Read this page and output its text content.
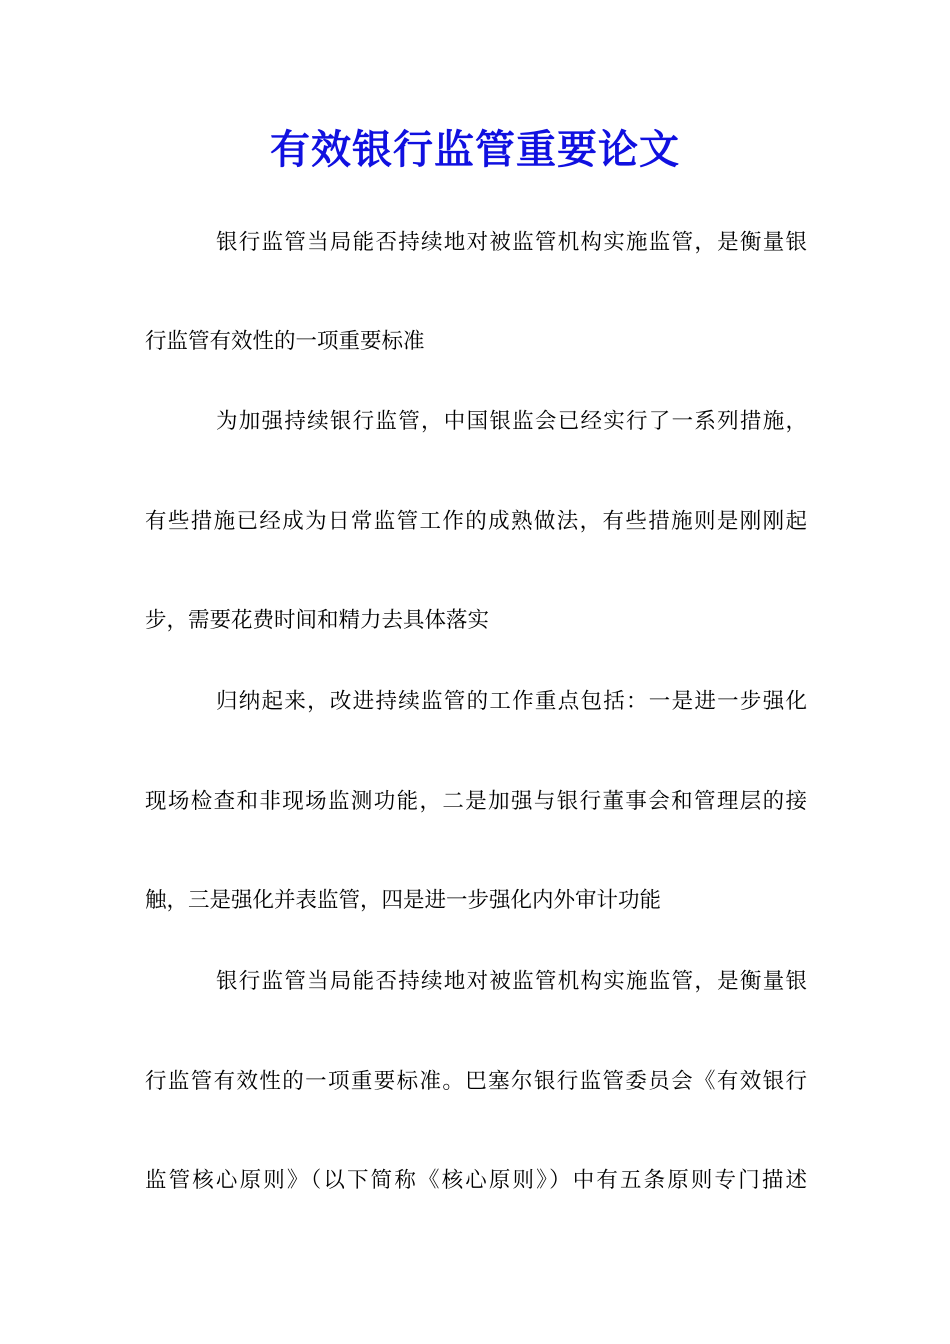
有效银行监管重要论文
银行监管当局能否持续地对被监管机构实施监管，是衡量银
行监管有效性的一项重要标准
为加强持续银行监管，中国银监会已经实行了一系列措施，
有些措施已经成为日常监管工作的成熟做法，有些措施则是刚刚起
步，需要花费时间和精力去具体落实
归纳起来，改进持续监管的工作重点包括：一是进一步强化
现场检查和非现场监测功能，二是加强与银行董事会和管理层的接
触，三是强化并表监管，四是进一步强化内外审计功能
银行监管当局能否持续地对被监管机构实施监管，是衡量银
行监管有效性的一项重要标准。巴塞尔银行监管委员会《有效银行
监管核心原则》（以下简称《核心原则》）中有五条原则专门描述
